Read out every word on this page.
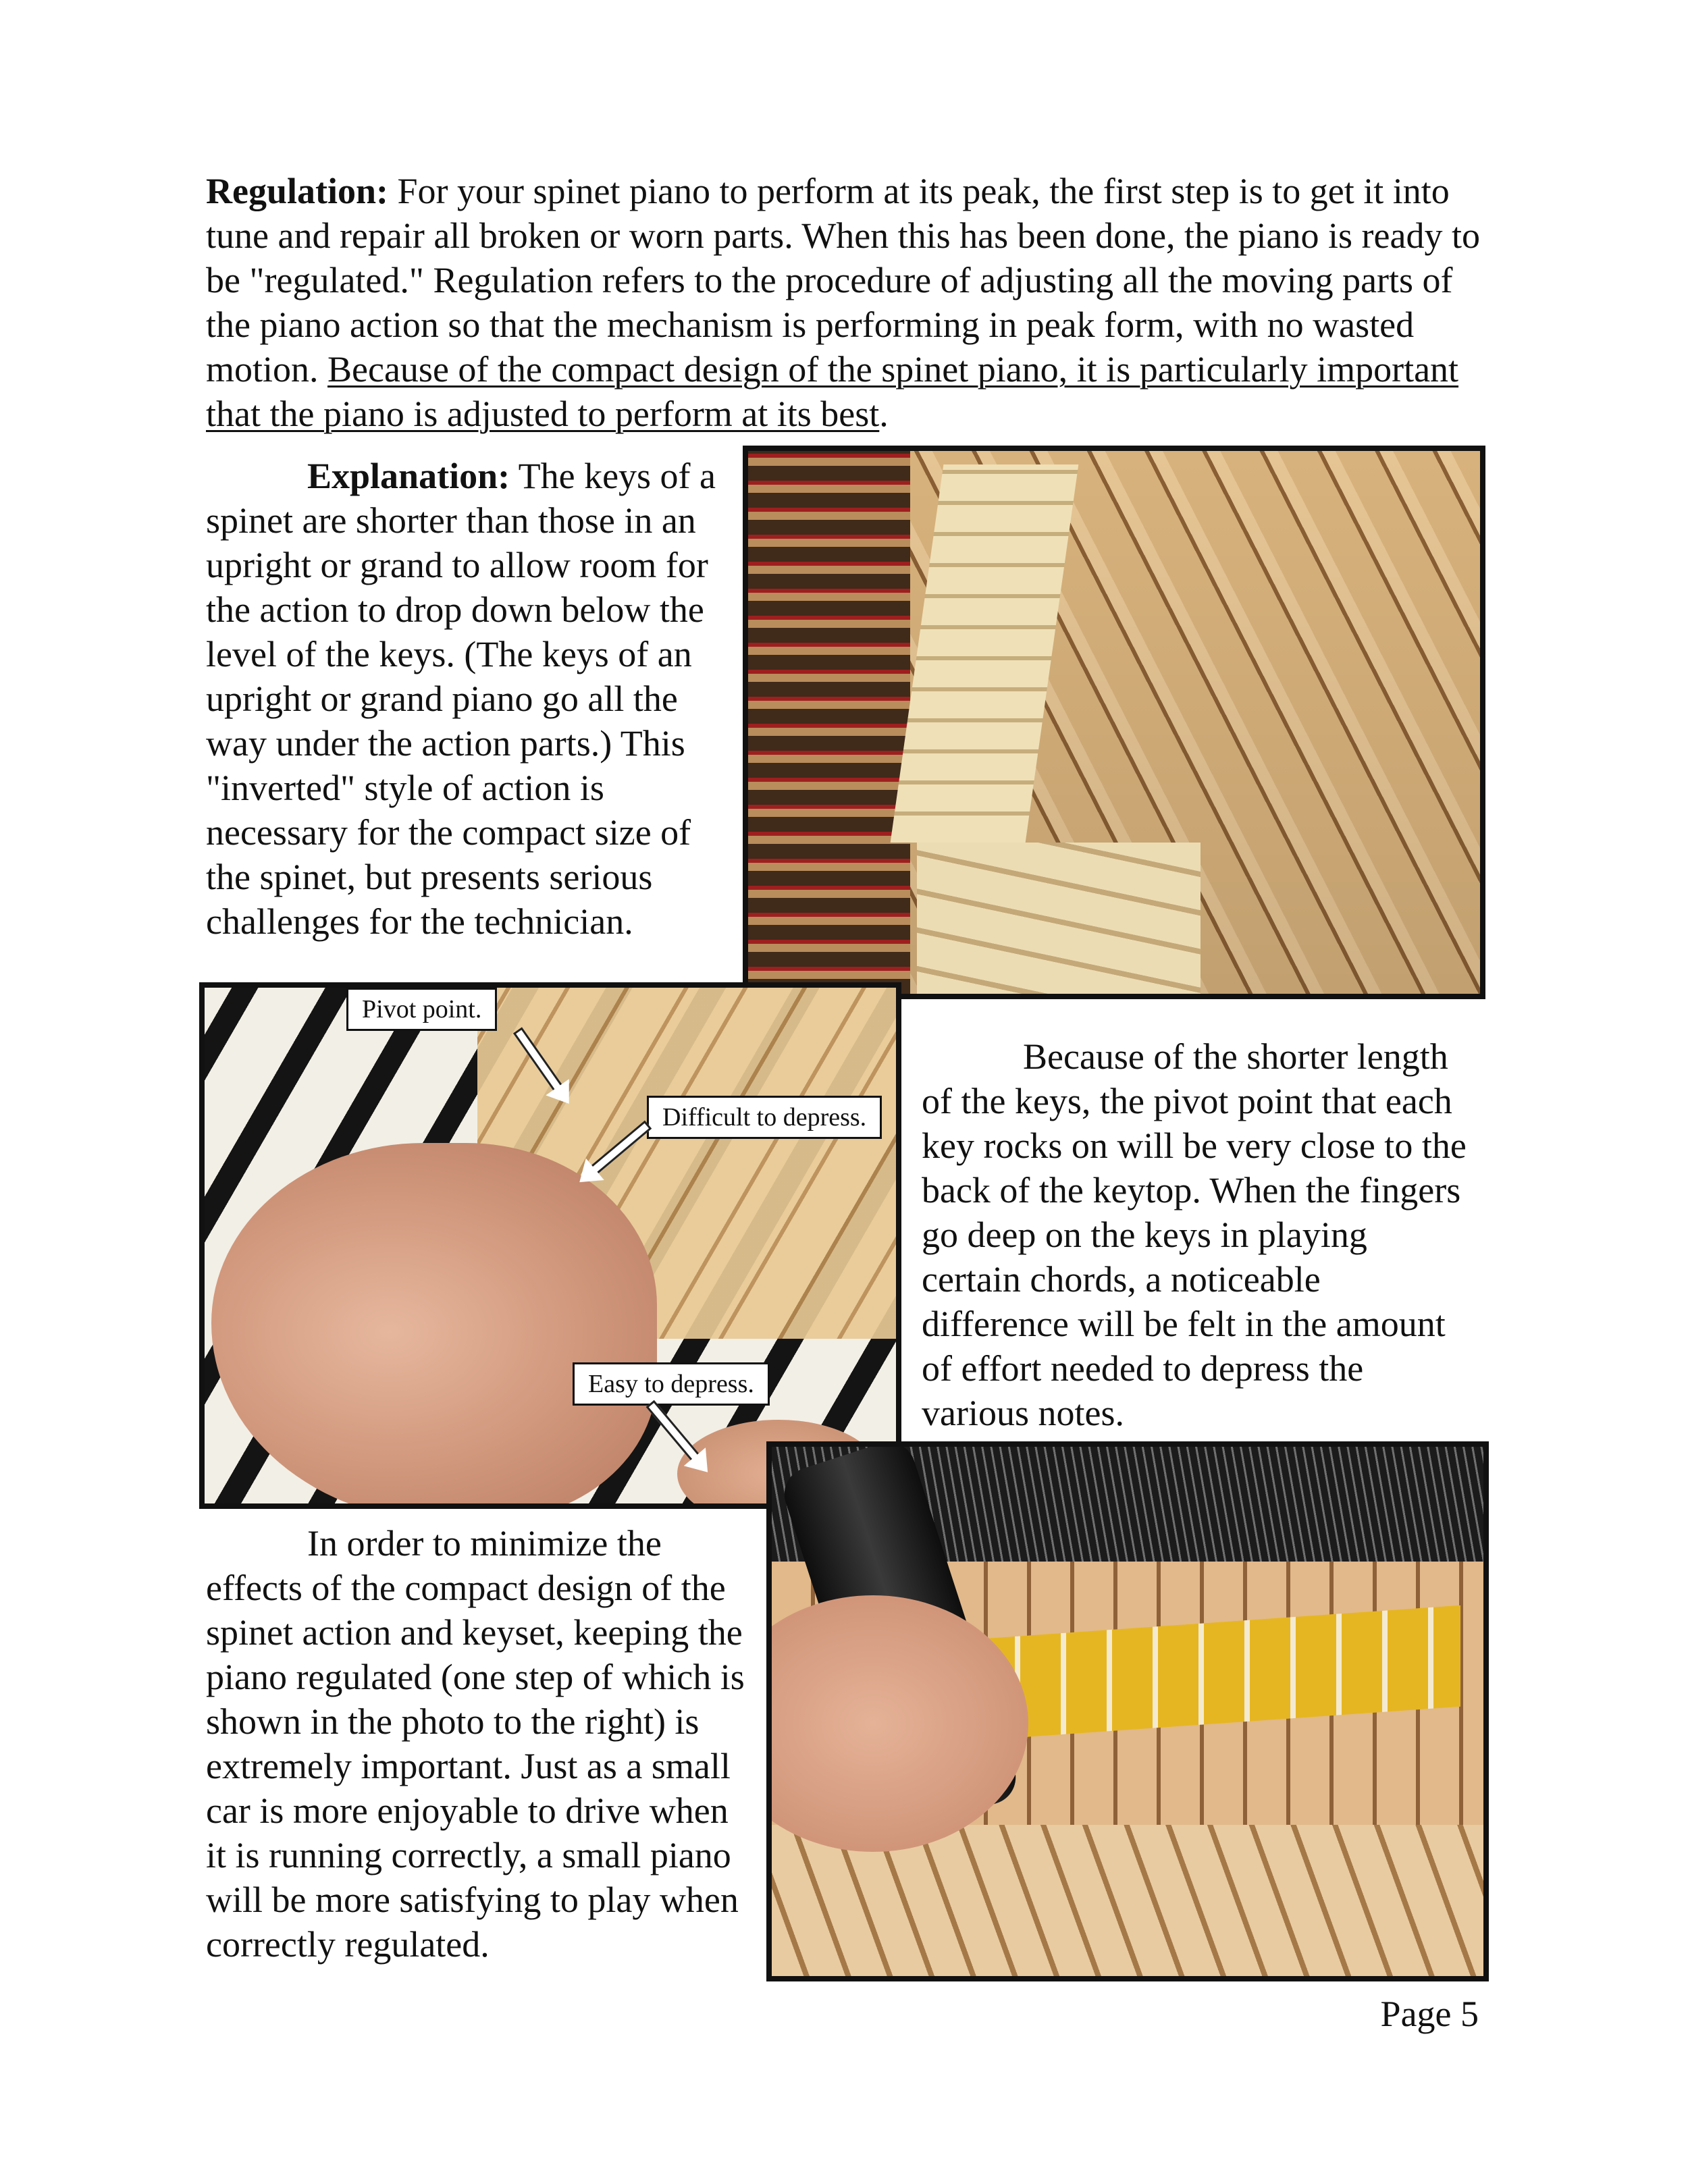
Regulation: For your spinet piano to perform at its peak, the first step is to get it into tune and repair all broken or worn parts. When this has been done, the piano is ready to be "regulated." Regulation refers to the procedure of adjusting all the moving parts of the piano action so that the mechanism is performing in peak form, with no wasted motion. Because of the compact design of the spinet piano, it is particularly important that the piano is adjusted to perform at its best.

Explanation: The keys of a spinet are shorter than those in an upright or grand to allow room for the action to drop down below the level of the keys. (The keys of an upright or grand piano go all the way under the action parts.) This "inverted" style of action is necessary for the compact size of the spinet, but presents serious challenges for the technician.

Pivot point.
Difficult to depress.
Easy to depress.

Because of the shorter length of the keys, the pivot point that each key rocks on will be very close to the back of the keytop. When the fingers go deep on the keys in playing certain chords, a noticeable difference will be felt in the amount of effort needed to depress the various notes.

In order to minimize the effects of the compact design of the spinet action and keyset, keeping the piano regulated (one step of which is shown in the photo to the right) is extremely important. Just as a small car is more enjoyable to drive when it is running correctly, a small piano will be more satisfying to play when correctly regulated.

Page 5
